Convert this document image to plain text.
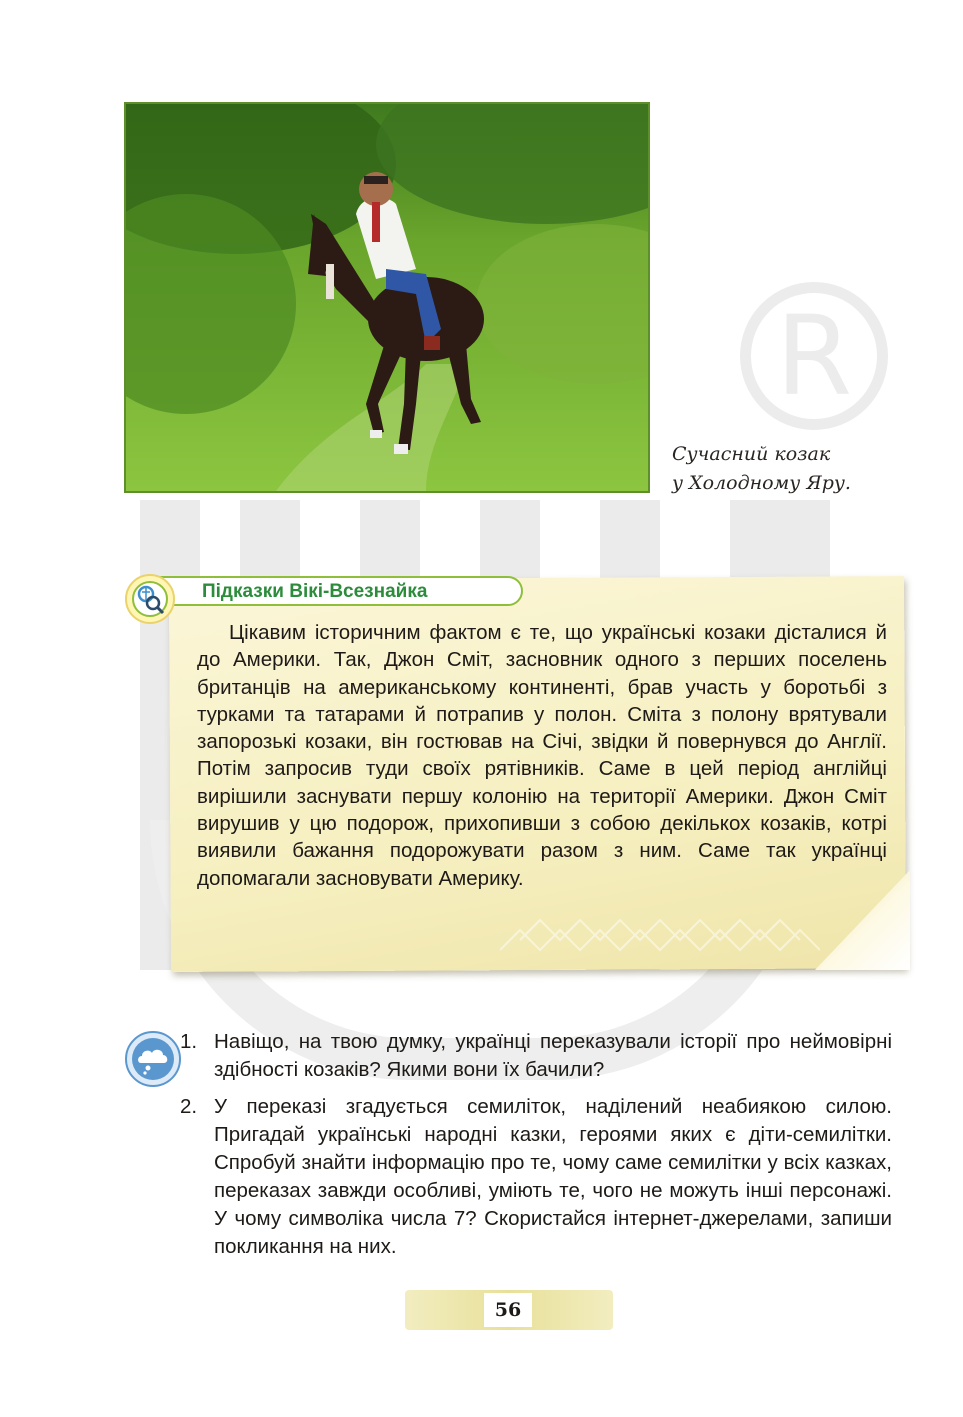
R
Сучасний козак
у Холодному Яру.
Підказки Вікі-Всезнайка

Цікавим історичним фактом є те, що українські козаки дісталися й до Америки. Так, Джон Сміт, засновник одного з перших поселень британців на американському континенті, брав участь у боротьбі з турками та татарами й потрапив у полон. Сміта з полону врятували запорозькі козаки, він гостював на Січі, звідки й повернувся до Англії. Потім запросив туди своїх рятівників. Саме в цей період англійці вирішили заснувати першу колонію на території Америки. Джон Сміт вирушив у цю подорож, прихопивши з собою декількох козаків, котрі виявили бажання подорожувати разом з ним. Саме так українці допомагали засновувати Америку.

1. Навіщо, на твою думку, українці переказували історії про неймовірні здібності козаків? Якими вони їх бачили?
2. У переказі згадується семиліток, наділений неабиякою силою. Пригадай українські народні казки, героями яких є діти-семилітки. Спробуй знайти інформацію про те, чому саме семилітки у всіх казках, переказах завжди особливі, уміють те, чого не можуть інші персонажі. У чому символіка числа 7? Скористайся інтернет-джерелами, запиши покликання на них.
56
